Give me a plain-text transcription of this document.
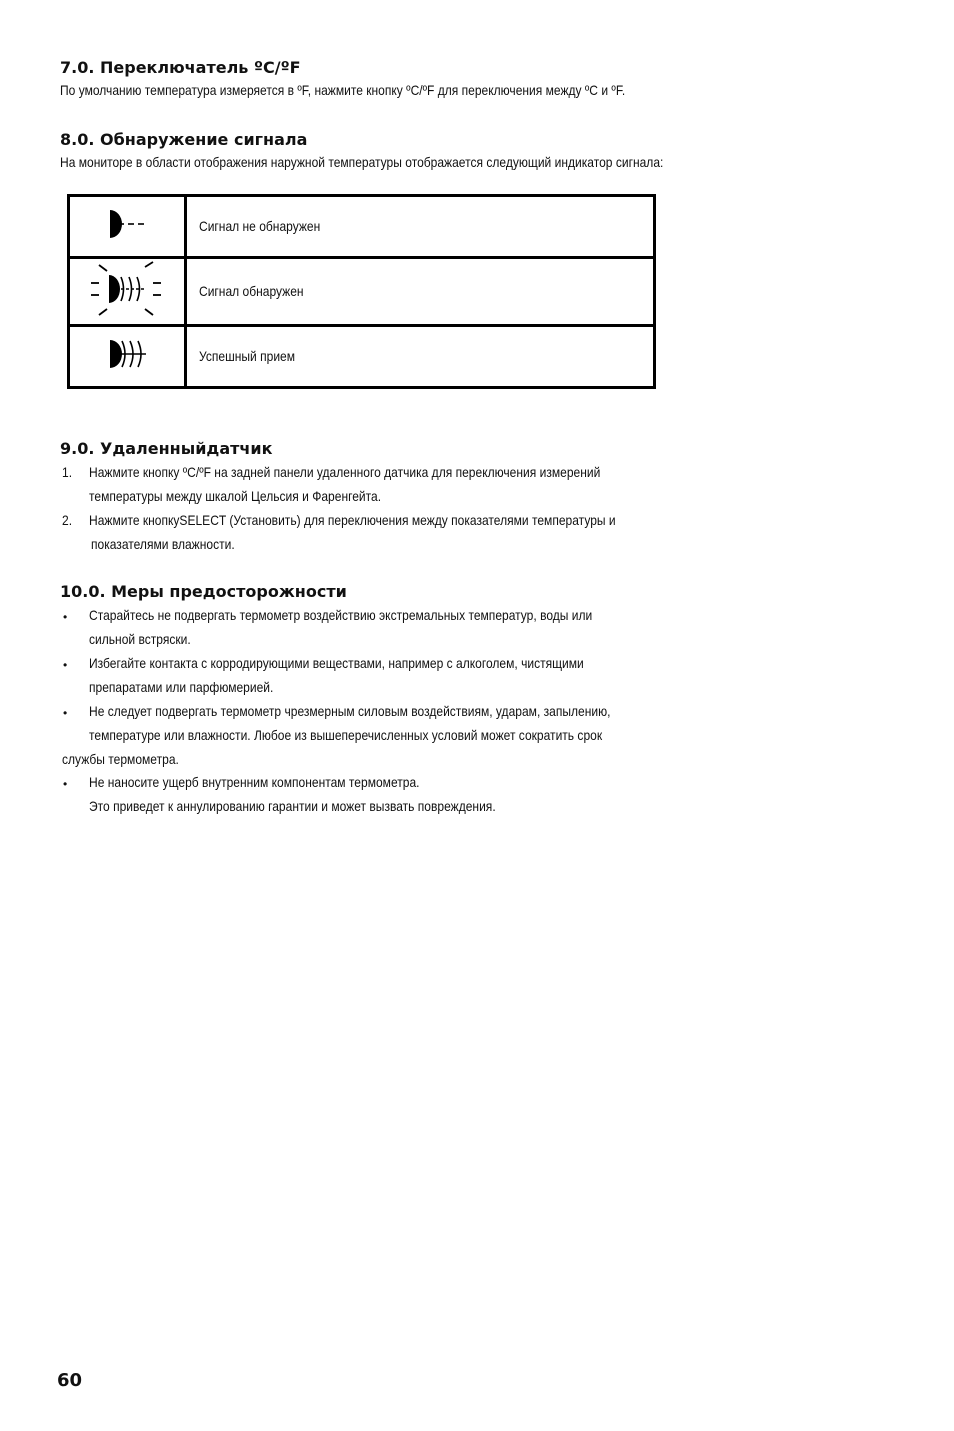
7.0. Переключатель ºC/ºF

По умолчанию температура измеряется в ºF, нажмите кнопку ºC/ºF для переключения между ºC и ºF.

8.0. Обнаружение сигнала

На мониторе в области отображения наружной температуры отображается следующий индикатор сигнала:

	Сигнал не обнаружен
	Сигнал обнаружен
	Успешный прием
9.0. Удаленныйдатчик
1. Нажмите кнопку ºC/ºF на задней панели удаленного датчика для переключения измерений

температуры между шкалой Цельсия и Фаренгейта.

2. Нажмите кнопкуSELECT (Установить) для переключения между показателями температуры и

показателями влажности.

10.0. Меры предосторожности
• Старайтесь не подвергать термометр воздействию экстремальных температур, воды или

сильной встряски.

• Избегайте контакта с корродирующими веществами, например с алкоголем, чистящими

препаратами или парфюмерией.

• Не следует подвергать термометр чрезмерным силовым воздействиям, ударам, запылению,

температуре или влажности. Любое из вышеперечисленных условий может сократить срок

службы термометра.

• Не наносите ущерб внутренним компонентам термометра.

Это приведет к аннулированию гарантии и может вызвать повреждения.

60
